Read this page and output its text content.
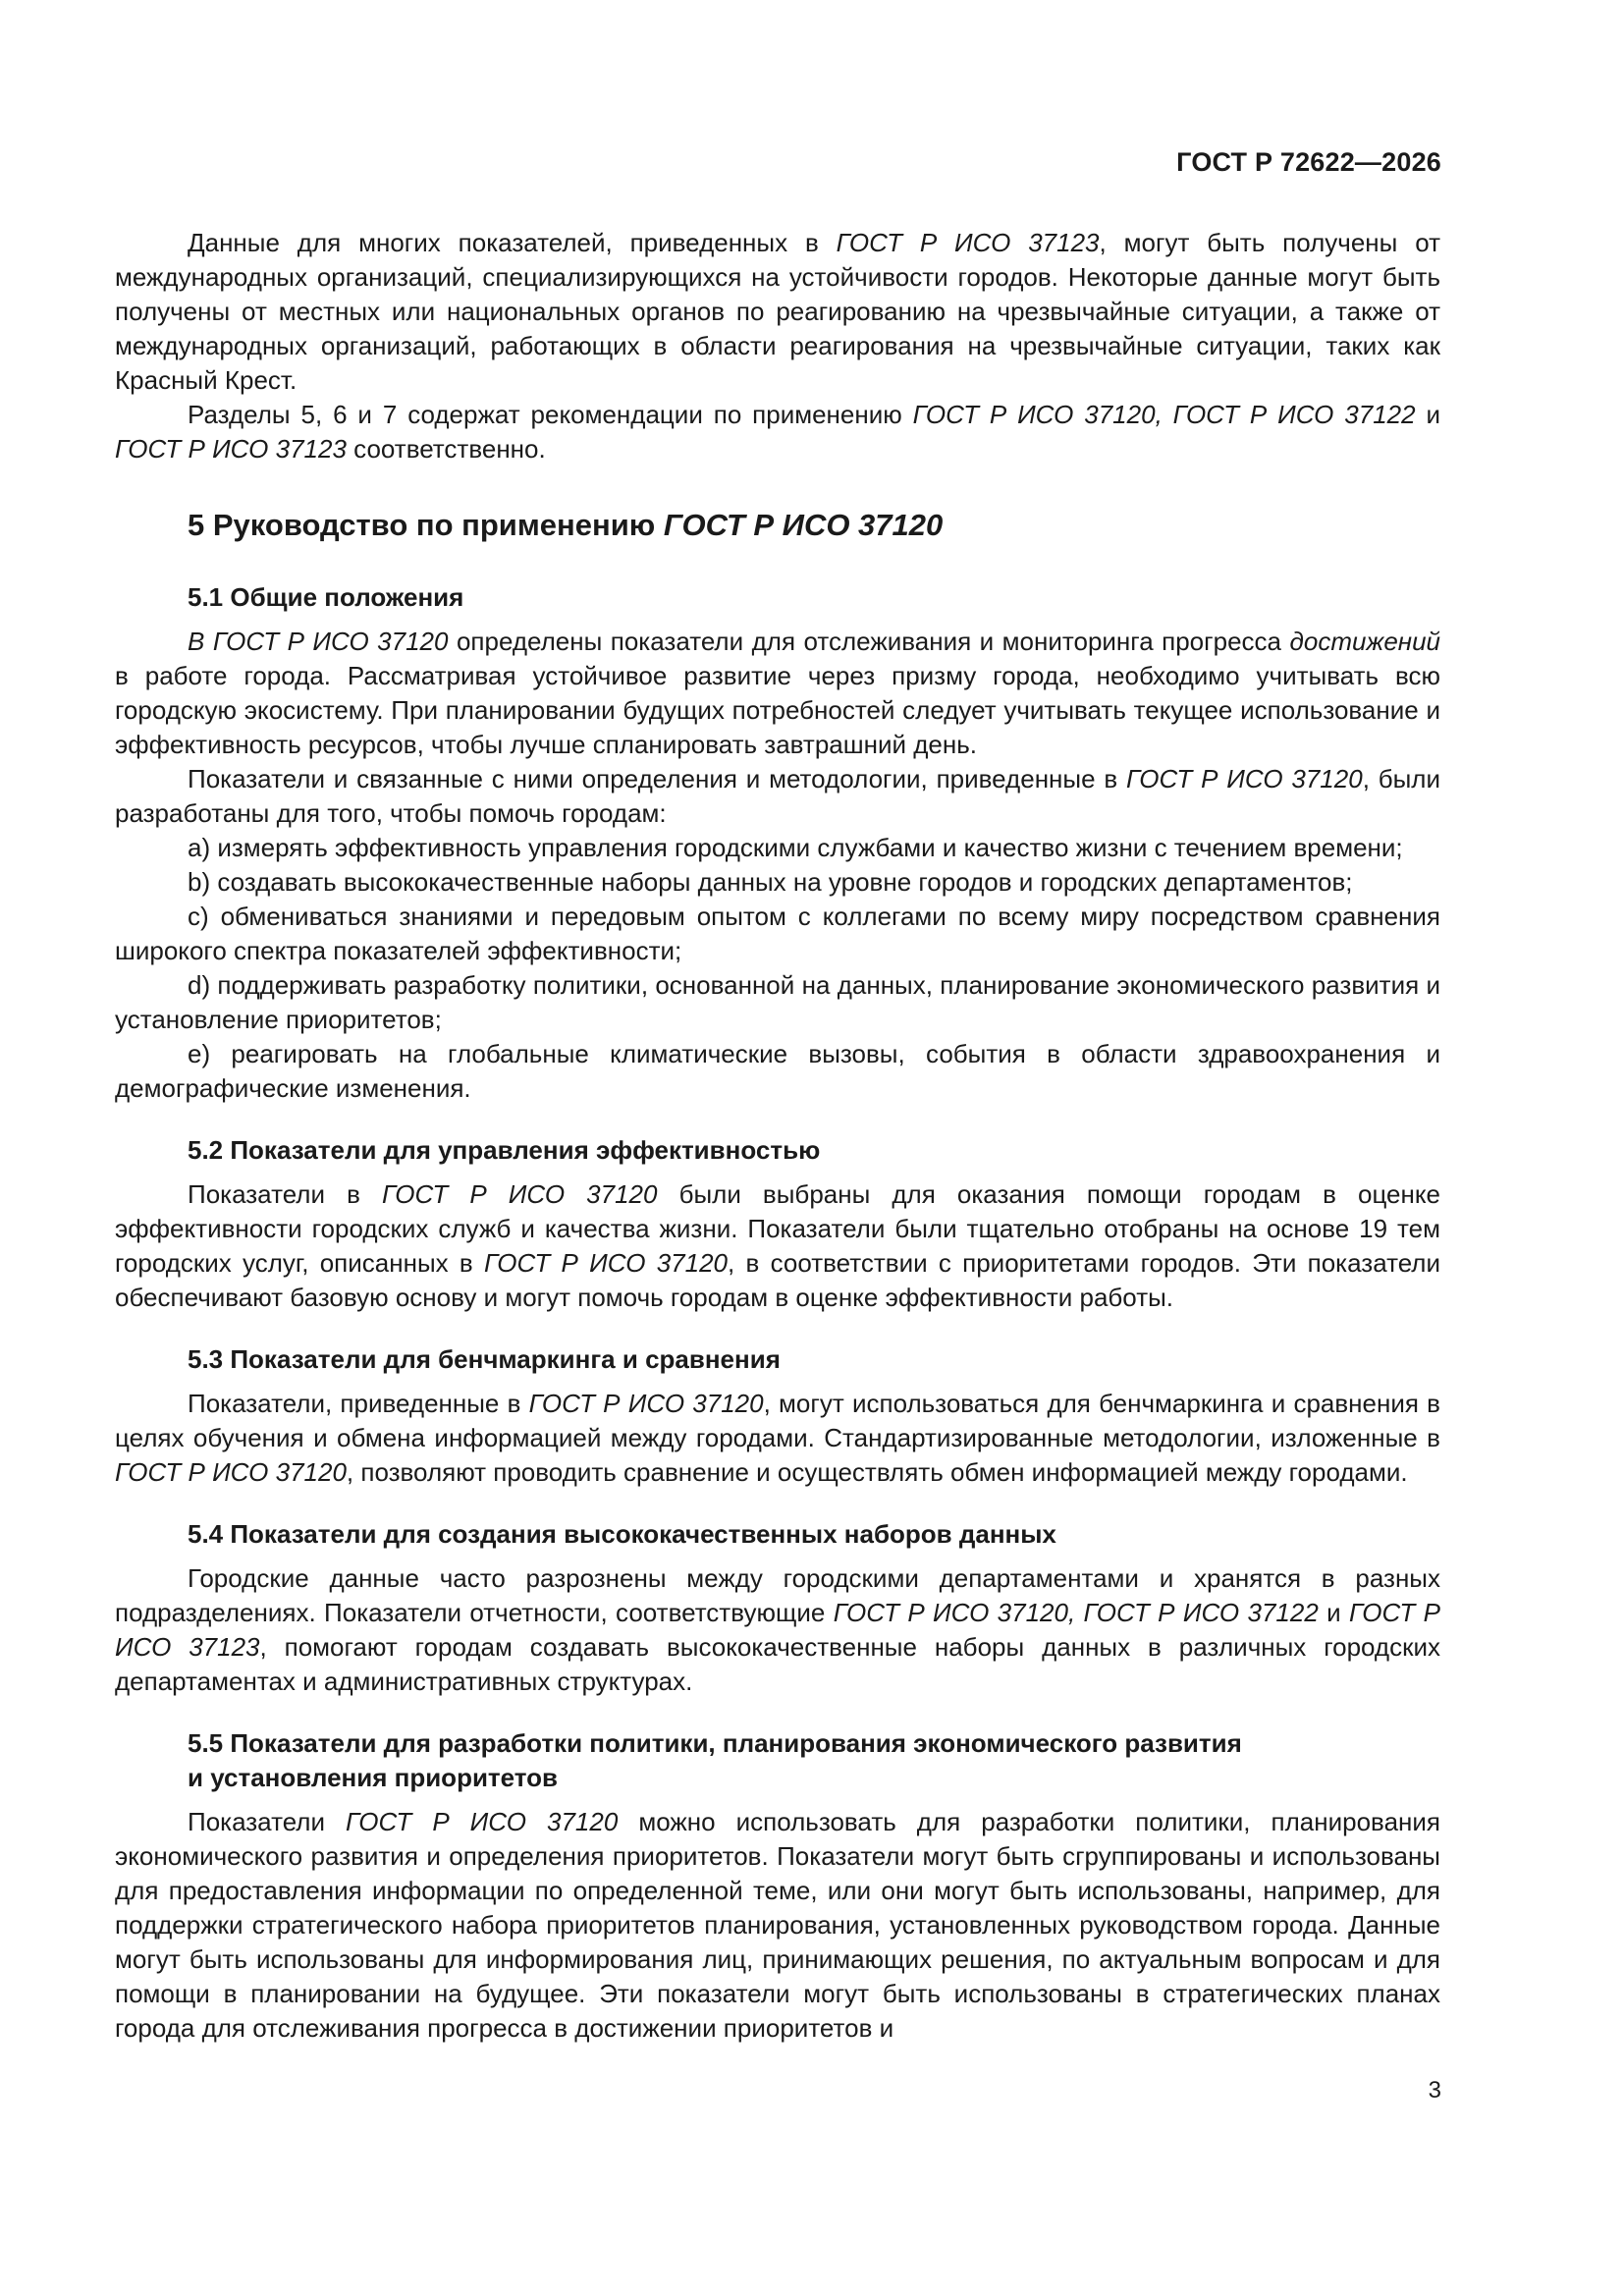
ГОСТ Р 72622—2026

Данные для многих показателей, приведенных в ГОСТ Р ИСО 37123, могут быть получены от международных организаций, специализирующихся на устойчивости городов. Некоторые данные могут быть получены от местных или национальных органов по реагированию на чрезвычайные ситуации, а также от международных организаций, работающих в области реагирования на чрезвычайные ситуации, таких как Красный Крест.

Разделы 5, 6 и 7 содержат рекомендации по применению ГОСТ Р ИСО 37120, ГОСТ Р ИСО 37122 и ГОСТ Р ИСО 37123 соответственно.

5 Руководство по применению ГОСТ Р ИСО 37120
5.1 Общие положения

В ГОСТ Р ИСО 37120 определены показатели для отслеживания и мониторинга прогресса достижений в работе города. Рассматривая устойчивое развитие через призму города, необходимо учитывать всю городскую экосистему. При планировании будущих потребностей следует учитывать текущее использование и эффективность ресурсов, чтобы лучше спланировать завтрашний день.

Показатели и связанные с ними определения и методологии, приведенные в ГОСТ Р ИСО 37120, были разработаны для того, чтобы помочь городам:

a) измерять эффективность управления городскими службами и качество жизни с течением времени;

b) создавать высококачественные наборы данных на уровне городов и городских департаментов;

c) обмениваться знаниями и передовым опытом с коллегами по всему миру посредством сравнения широкого спектра показателей эффективности;

d) поддерживать разработку политики, основанной на данных, планирование экономического развития и установление приоритетов;

e) реагировать на глобальные климатические вызовы, события в области здравоохранения и демографические изменения.

5.2 Показатели для управления эффективностью

Показатели в ГОСТ Р ИСО 37120 были выбраны для оказания помощи городам в оценке эффективности городских служб и качества жизни. Показатели были тщательно отобраны на основе 19 тем городских услуг, описанных в ГОСТ Р ИСО 37120, в соответствии с приоритетами городов. Эти показатели обеспечивают базовую основу и могут помочь городам в оценке эффективности работы.

5.3 Показатели для бенчмаркинга и сравнения

Показатели, приведенные в ГОСТ Р ИСО 37120, могут использоваться для бенчмаркинга и сравнения в целях обучения и обмена информацией между городами. Стандартизированные методологии, изложенные в ГОСТ Р ИСО 37120, позволяют проводить сравнение и осуществлять обмен информацией между городами.

5.4 Показатели для создания высококачественных наборов данных

Городские данные часто разрознены между городскими департаментами и хранятся в разных подразделениях. Показатели отчетности, соответствующие ГОСТ Р ИСО 37120, ГОСТ Р ИСО 37122 и ГОСТ Р ИСО 37123, помогают городам создавать высококачественные наборы данных в различных городских департаментах и административных структурах.

5.5 Показатели для разработки политики, планирования экономического развития
и установления приоритетов

Показатели ГОСТ Р ИСО 37120 можно использовать для разработки политики, планирования экономического развития и определения приоритетов. Показатели могут быть сгруппированы и использованы для предоставления информации по определенной теме, или они могут быть использованы, например, для поддержки стратегического набора приоритетов планирования, установленных руководством города. Данные могут быть использованы для информирования лиц, принимающих решения, по актуальным вопросам и для помощи в планировании на будущее. Эти показатели могут быть использованы в стратегических планах города для отслеживания прогресса в достижении приоритетов и

3
